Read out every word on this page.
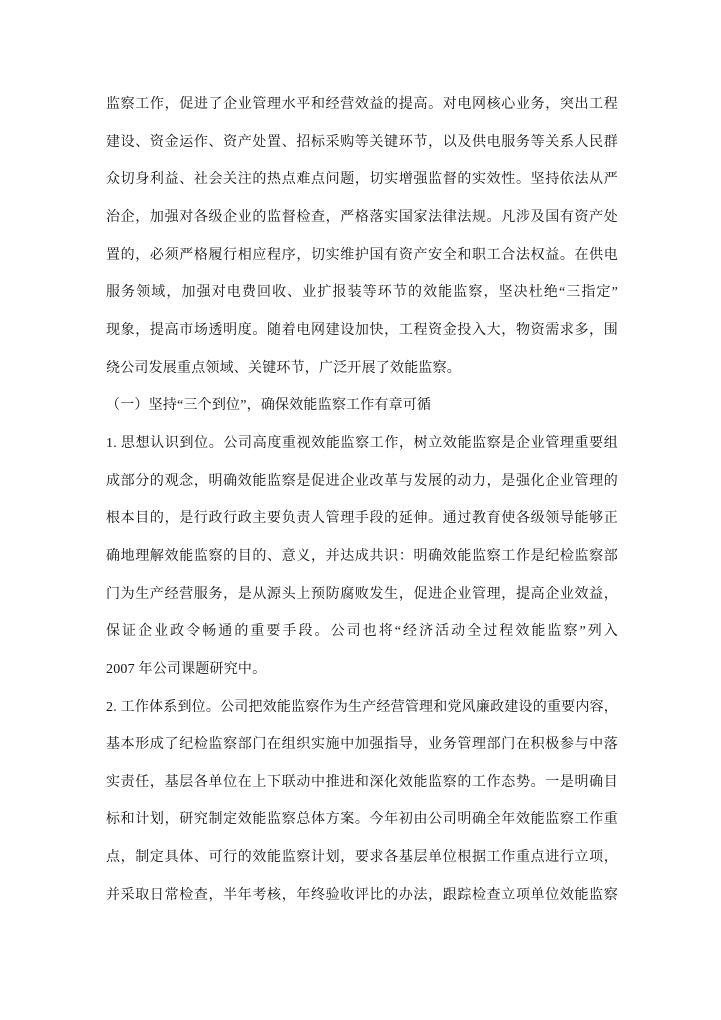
监察工作，促进了企业管理水平和经营效益的提高。对电网核心业务，突出工程
建设、资金运作、资产处置、招标采购等关键环节，以及供电服务等关系人民群
众切身利益、社会关注的热点难点问题，切实增强监督的实效性。坚持依法从严
治企，加强对各级企业的监督检查，严格落实国家法律法规。凡涉及国有资产处
置的，必须严格履行相应程序，切实维护国有资产安全和职工合法权益。在供电
服务领域，加强对电费回收、业扩报装等环节的效能监察，坚决杜绝“三指定”
现象，提高市场透明度。随着电网建设加快，工程资金投入大，物资需求多，围
绕公司发展重点领域、关键环节，广泛开展了效能监察。
（一）坚持“三个到位”，确保效能监察工作有章可循
1. 思想认识到位。公司高度重视效能监察工作，树立效能监察是企业管理重要组
成部分的观念，明确效能监察是促进企业改革与发展的动力，是强化企业管理的
根本目的，是行政行政主要负责人管理手段的延伸。通过教育使各级领导能够正
确地理解效能监察的目的、意义，并达成共识：明确效能监察工作是纪检监察部
门为生产经营服务，是从源头上预防腐败发生，促进企业管理，提高企业效益，
保证企业政令畅通的重要手段。公司也将“经济活动全过程效能监察”列入
2007 年公司课题研究中。
2. 工作体系到位。公司把效能监察作为生产经营管理和党风廉政建设的重要内容，
基本形成了纪检监察部门在组织实施中加强指导，业务管理部门在积极参与中落
实责任，基层各单位在上下联动中推进和深化效能监察的工作态势。一是明确目
标和计划，研究制定效能监察总体方案。今年初由公司明确全年效能监察工作重
点，制定具体、可行的效能监察计划，要求各基层单位根据工作重点进行立项，
并采取日常检查，半年考核，年终验收评比的办法，跟踪检查立项单位效能监察
